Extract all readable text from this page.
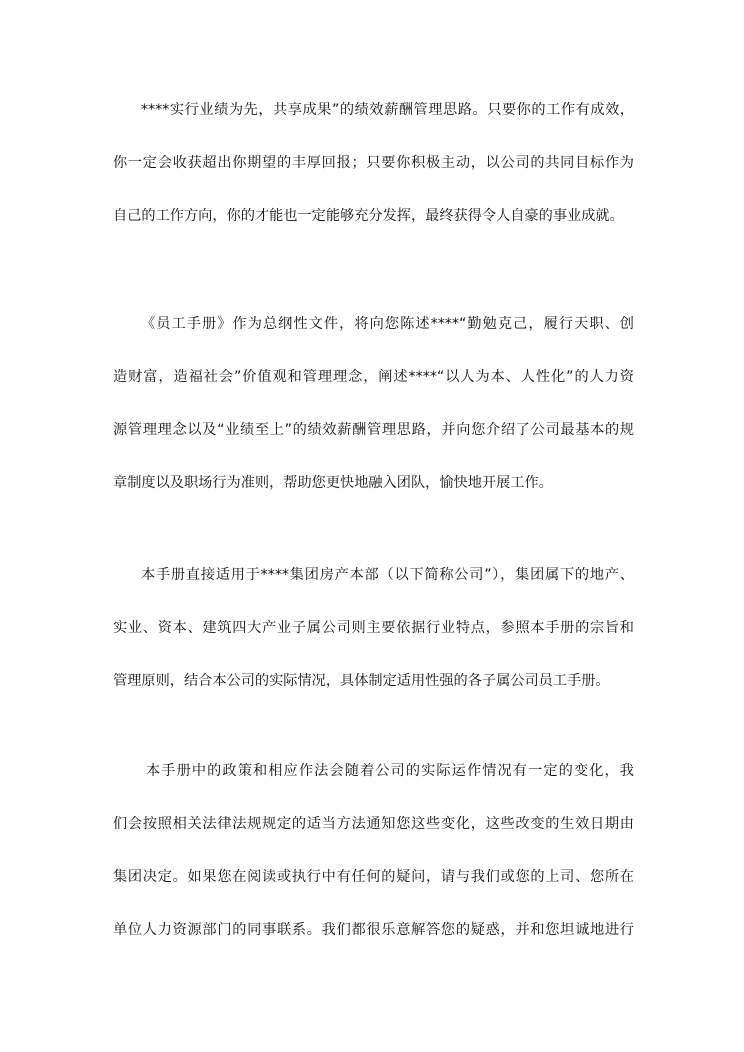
****实行业绩为先，共享成果”的绩效薪酬管理思路。只要你的工作有成效，
你一定会收获超出你期望的丰厚回报；只要你积极主动，以公司的共同目标作为
自己的工作方向，你的才能也一定能够充分发挥，最终获得令人自豪的事业成就。
《员工手册》作为总纲性文件，将向您陈述****“勤勉克己，履行天职、创
造财富，造福社会”价值观和管理理念，阐述****“以人为本、人性化”的人力资
源管理理念以及“业绩至上”的绩效薪酬管理思路，并向您介绍了公司最基本的规
章制度以及职场行为准则，帮助您更快地融入团队，愉快地开展工作。
本手册直接适用于****集团房产本部（以下简称公司”），集团属下的地产、
实业、资本、建筑四大产业子属公司则主要依据行业特点，参照本手册的宗旨和
管理原则，结合本公司的实际情况，具体制定适用性强的各子属公司员工手册。
本手册中的政策和相应作法会随着公司的实际运作情况有一定的变化，我
们会按照相关法律法规规定的适当方法通知您这些变化，这些改变的生效日期由
集团决定。如果您在阅读或执行中有任何的疑问，请与我们或您的上司、您所在
单位人力资源部门的同事联系。我们都很乐意解答您的疑惑，并和您坦诚地进行
